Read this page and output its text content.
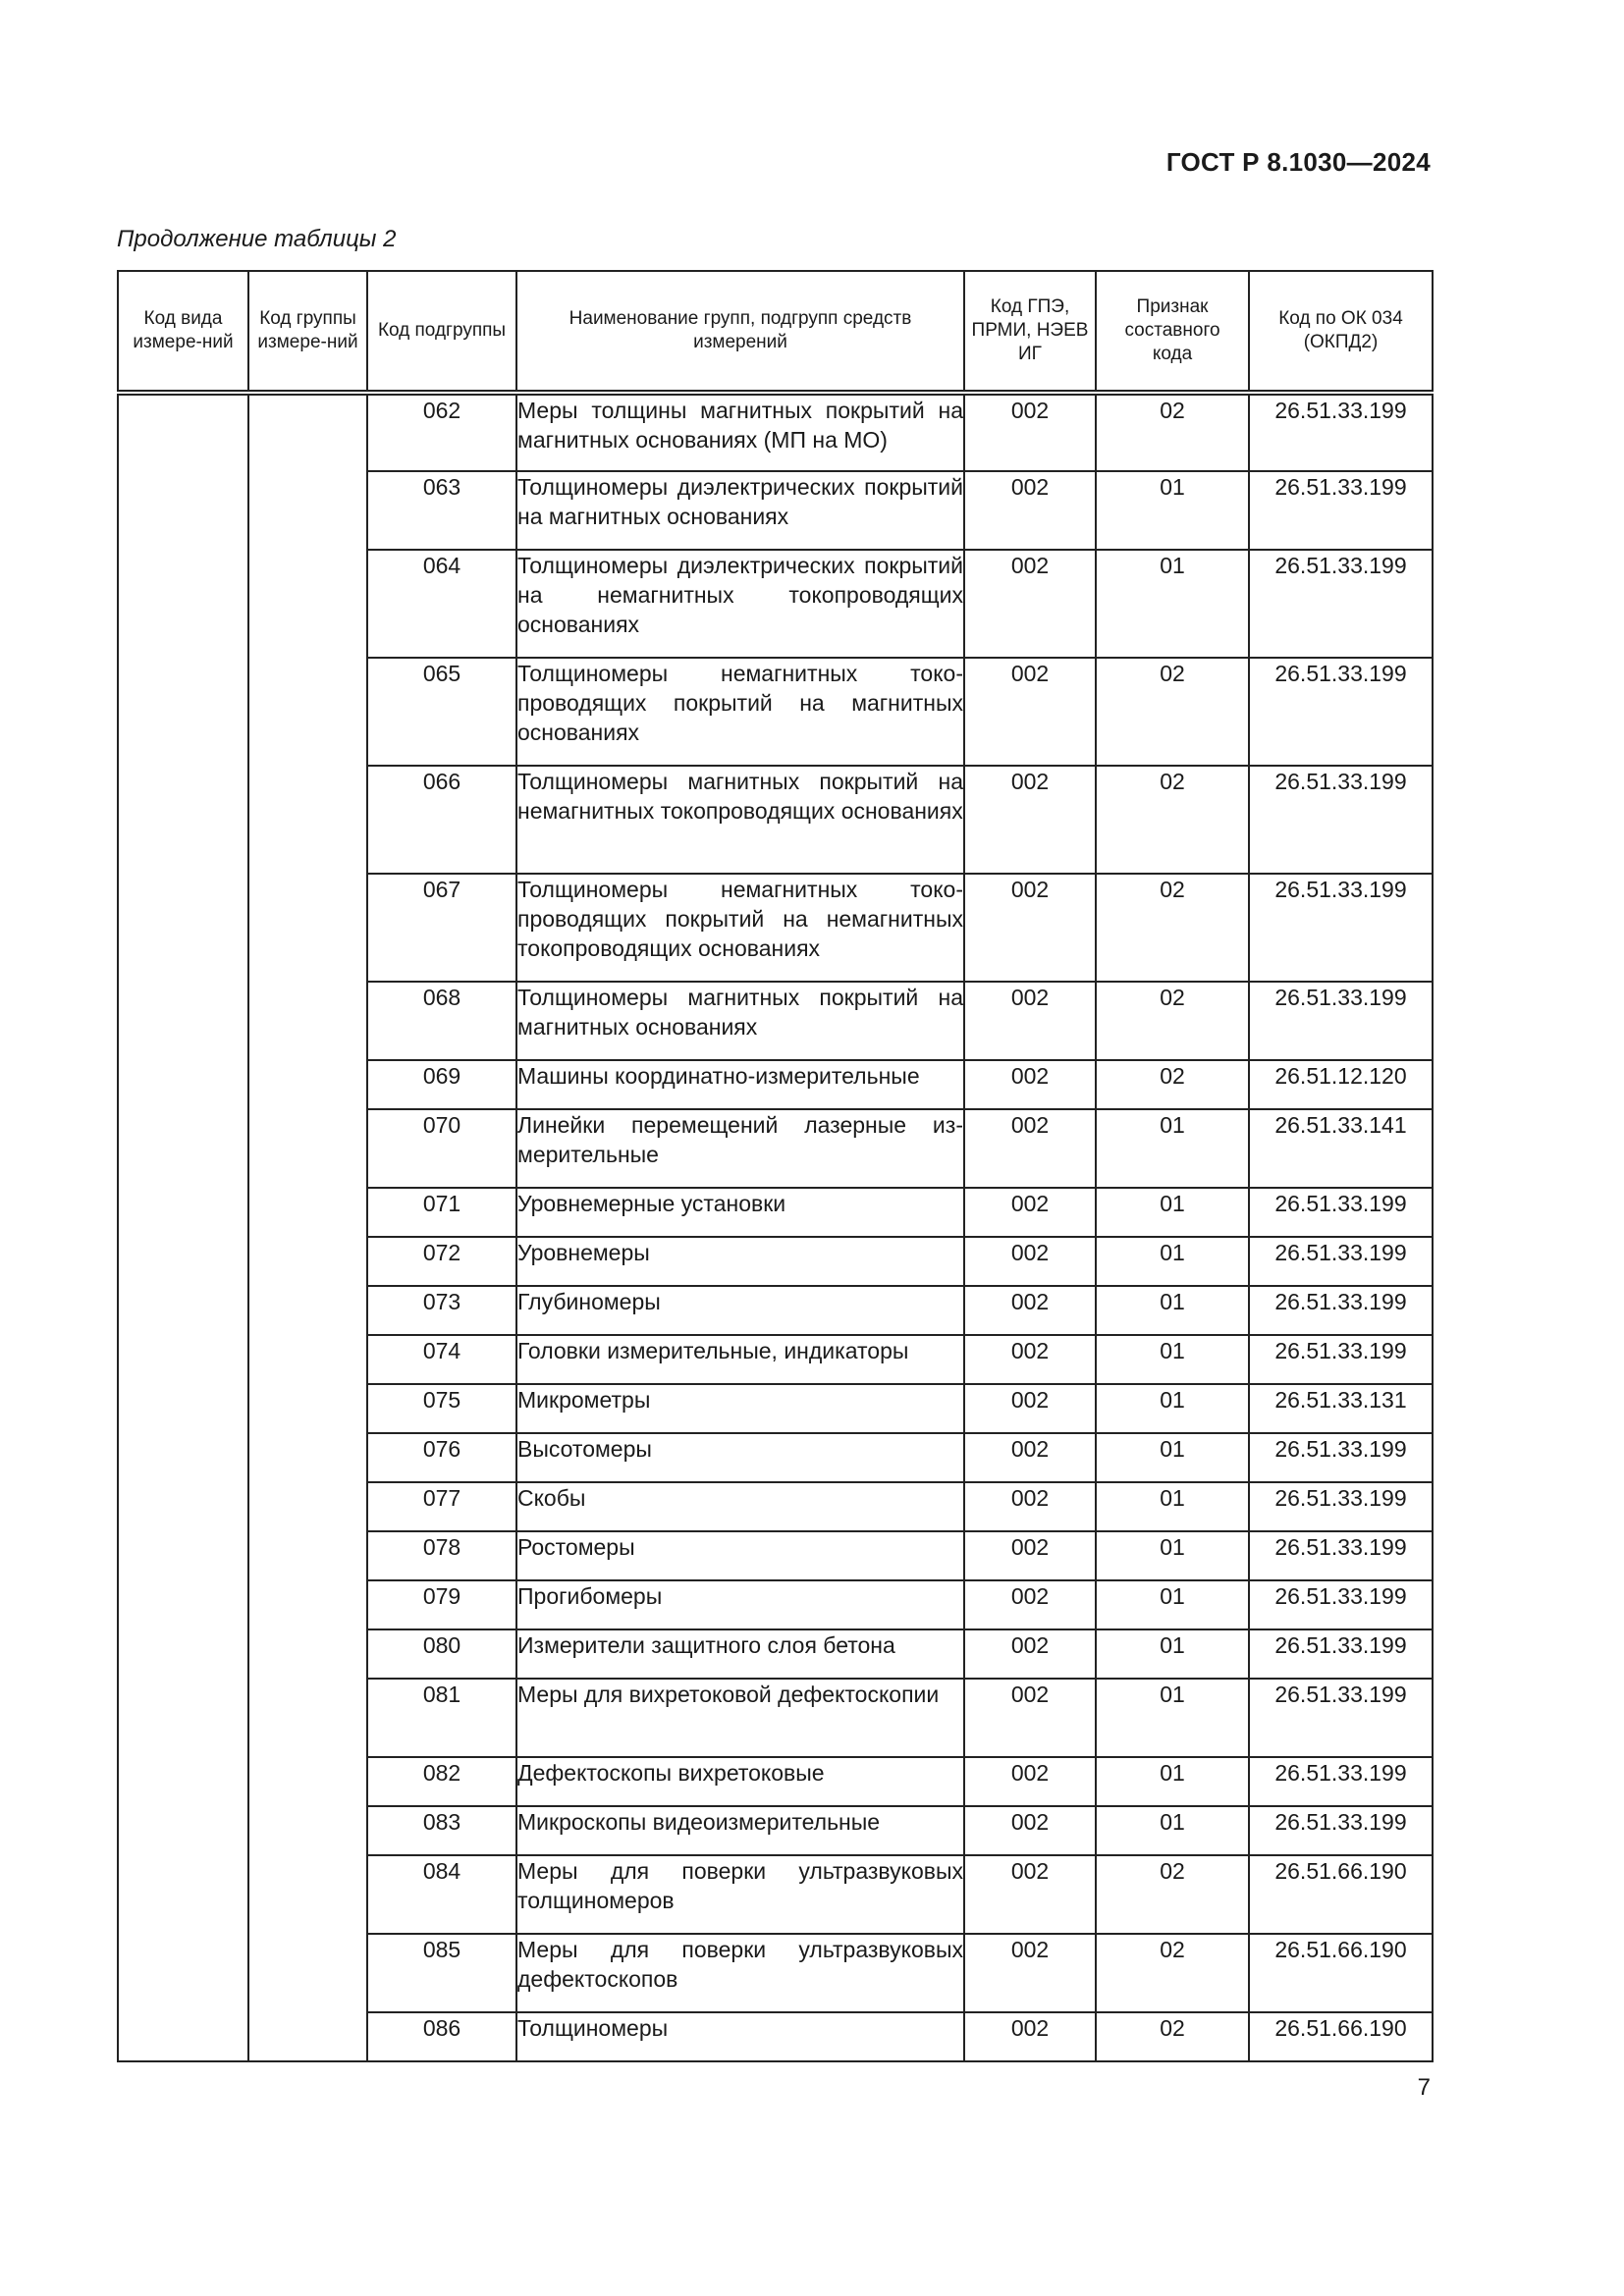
ГОСТ Р 8.1030—2024
Продолжение таблицы 2
Код вида измере-ний	Код группы измере-ний	Код подгруппы	Наименование групп, подгрупп средств измерений	Код ГПЭ, ПРМИ, НЭЕВ ИГ	Признак составного кода	Код по ОК 034 (ОКПД2)

		062	Меры толщины магнитных покрытий на магнитных основаниях (МП на МО)	002	02	26.51.33.199
		063	Толщиномеры диэлектрических покрытий на магнитных основаниях	002	01	26.51.33.199
		064	Толщиномеры диэлектрических покрытий на немагнитных токопроводящих основаниях	002	01	26.51.33.199
		065	Толщиномеры немагнитных токопроводящих покрытий на магнитных основаниях	002	02	26.51.33.199
		066	Толщиномеры магнитных покрытий на немагнитных токопроводящих основаниях	002	02	26.51.33.199
		067	Толщиномеры немагнитных токопроводящих покрытий на немагнитных токопроводящих основаниях	002	02	26.51.33.199
		068	Толщиномеры магнитных покрытий на магнитных основаниях	002	02	26.51.33.199
		069	Машины координатно-измерительные	002	02	26.51.12.120
		070	Линейки перемещений лазерные измерительные	002	01	26.51.33.141
		071	Уровнемерные установки	002	01	26.51.33.199
		072	Уровнемеры	002	01	26.51.33.199
		073	Глубиномеры	002	01	26.51.33.199
		074	Головки измерительные, индикаторы	002	01	26.51.33.199
		075	Микрометры	002	01	26.51.33.131
		076	Высотомеры	002	01	26.51.33.199
		077	Скобы	002	01	26.51.33.199
		078	Ростомеры	002	01	26.51.33.199
		079	Прогибомеры	002	01	26.51.33.199
		080	Измерители защитного слоя бетона	002	01	26.51.33.199
		081	Меры для вихретоковой дефектоскопии	002	01	26.51.33.199
		082	Дефектоскопы вихретоковые	002	01	26.51.33.199
		083	Микроскопы видеоизмерительные	002	01	26.51.33.199
		084	Меры для поверки ультразвуковых толщиномеров	002	02	26.51.66.190
		085	Меры для поверки ультразвуковых дефектоскопов	002	02	26.51.66.190
		086	Толщиномеры	002	02	26.51.66.190
7
